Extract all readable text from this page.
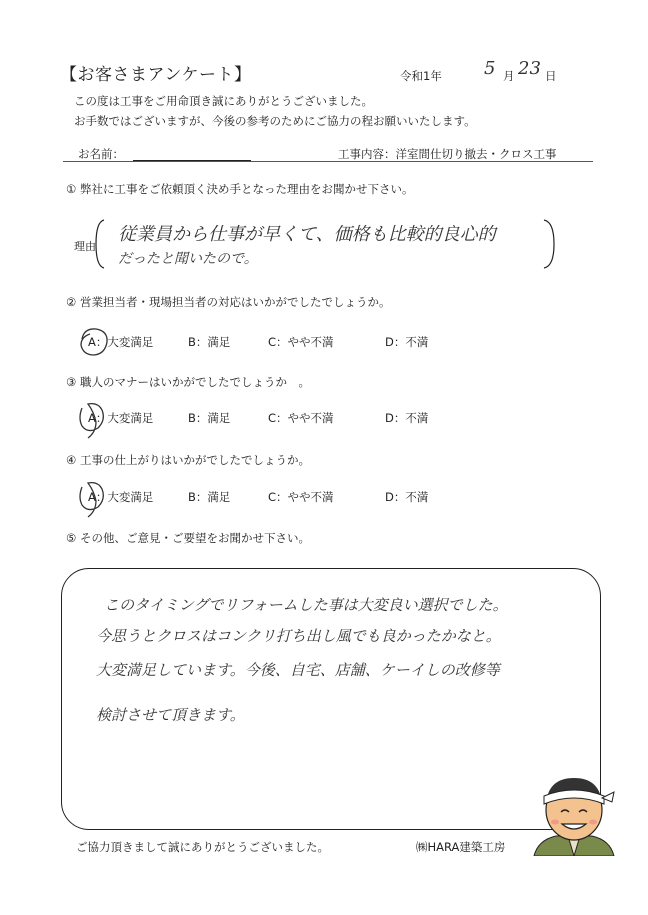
【お客さまアンケート】	令和1年 5 月 23 日
この度は工事をご用命頂き誠にありがとうございました。
お手数ではございますが、今後の参考のためにご協力の程お願いいたします。
お名前：	工事内容：洋室間仕切り撤去・クロス工事
① 弊社に工事をご依頼頂く決め手となった理由をお聞かせ下さい。
理由
従業員から仕事が早くて、価格も比較的良心的
だったと聞いたので。
② 営業担当者・現場担当者の対応はいかがでしたでしょうか。
A：大変満足	B：満足	C：やや不満	D：不満
③ 職人のマナーはいかがでしたでしょうか　。
A：大変満足	B：満足	C：やや不満	D：不満
④ 工事の仕上がりはいかがでしたでしょうか。
A：大変満足	B：満足	C：やや不満	D：不満
⑤ その他、ご意見・ご要望をお聞かせ下さい。
このタイミングでリフォームした事は大変良い選択でした。
今思うとクロスはコンクリ打ち出し風でも良かったかなと。
大変満足しています。今後、自宅、店舗、ケーイしの改修等
検討させて頂きます。
ご協力頂きまして誠にありがとうございました。	㈱HARA建築工房
